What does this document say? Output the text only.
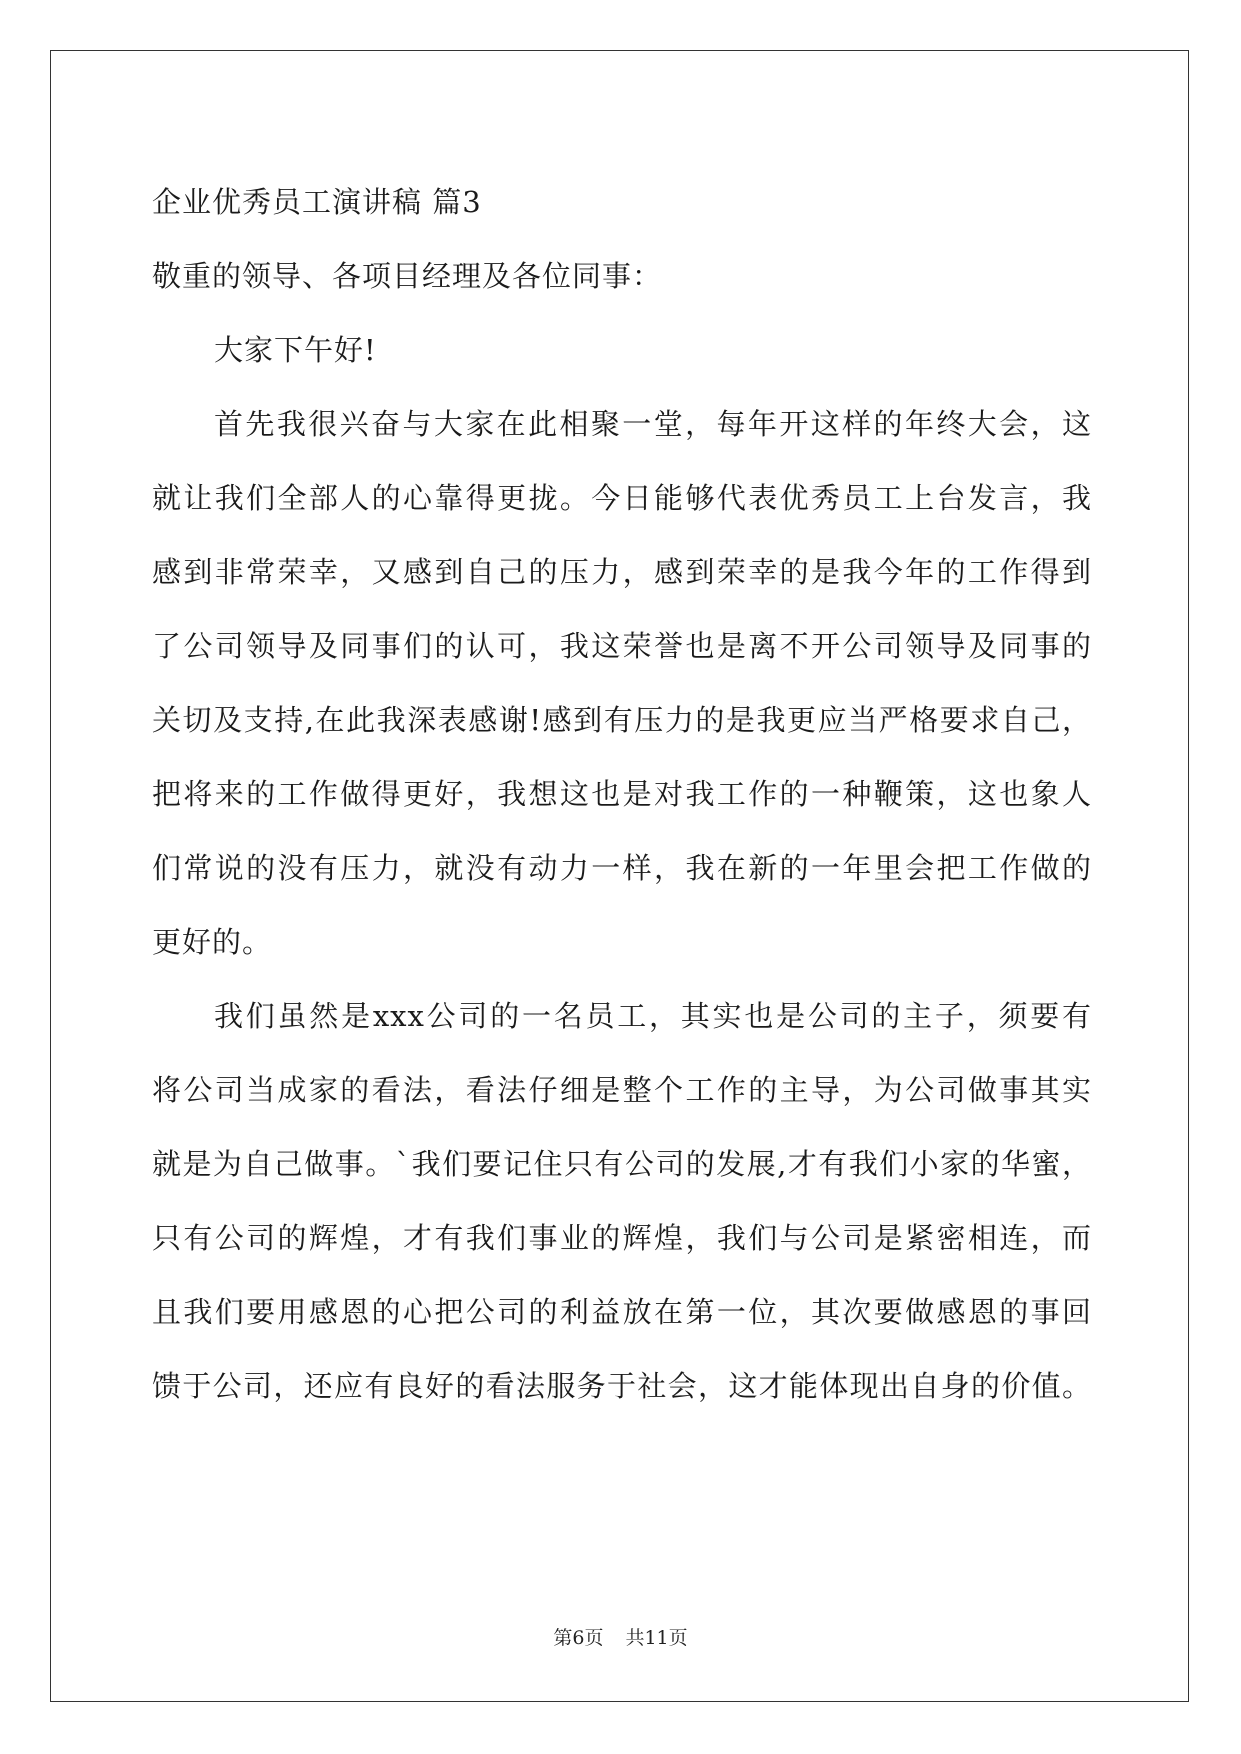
企业优秀员工演讲稿 篇3
敬重的领导、各项目经理及各位同事：
大家下午好!
首先我很兴奋与大家在此相聚一堂，每年开这样的年终大会，这
就让我们全部人的心靠得更拢。今日能够代表优秀员工上台发言，我
感到非常荣幸，又感到自己的压力，感到荣幸的是我今年的工作得到
了公司领导及同事们的认可，我这荣誉也是离不开公司领导及同事的
关切及支持,在此我深表感谢!感到有压力的是我更应当严格要求自己，
把将来的工作做得更好，我想这也是对我工作的一种鞭策，这也象人
们常说的没有压力，就没有动力一样，我在新的一年里会把工作做的
更好的。
我们虽然是xxx公司的一名员工，其实也是公司的主子，须要有
将公司当成家的看法，看法仔细是整个工作的主导，为公司做事其实
就是为自己做事。`我们要记住只有公司的发展,才有我们小家的华蜜，
只有公司的辉煌，才有我们事业的辉煌，我们与公司是紧密相连，而
且我们要用感恩的心把公司的利益放在第一位，其次要做感恩的事回
馈于公司，还应有良好的看法服务于社会，这才能体现出自身的价值。
第6页 共11页
